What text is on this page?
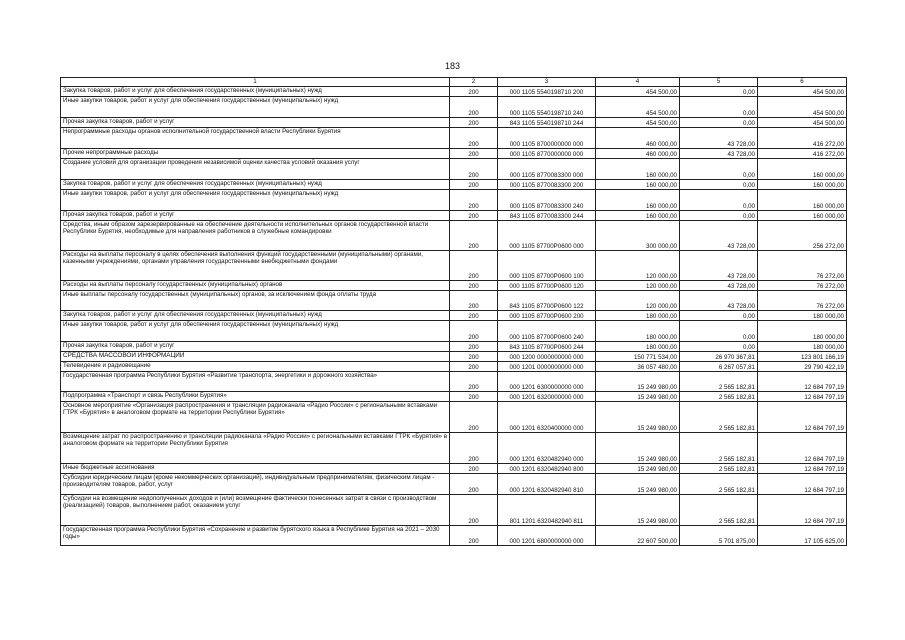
183
1	2	3	4	5	6
Закупка товаров, работ и услуг для обеспечения государственных (муниципальных) нужд	200	000 1105 5540198710 200	454 500,00	0,00	454 500,00
Иные закупки товаров, работ и услуг для обеспечения государственных (муниципальных) нужд	200	000 1105 5540198710 240	454 500,00	0,00	454 500,00
Прочая закупка товаров, работ и услуг	200	843 1105 5540198710 244	454 500,00	0,00	454 500,00
Непрограммные расходы органов исполнительной государственной власти Республики Бурятия	200	000 1105 8700000000 000	460 000,00	43 728,00	416 272,00
Прочие непрограммные расходы	200	000 1105 8770000000 000	460 000,00	43 728,00	416 272,00
Создание условий для организации проведения независимой оценки качества условий оказания услуг	200	000 1105 8770083300 000	160 000,00	0,00	160 000,00
Закупка товаров, работ и услуг для обеспечения государственных (муниципальных) нужд	200	000 1105 8770083300 200	160 000,00	0,00	160 000,00
Иные закупки товаров, работ и услуг для обеспечения государственных (муниципальных) нужд	200	000 1105 8770083300 240	160 000,00	0,00	160 000,00
Прочая закупка товаров, работ и услуг	200	843 1105 8770083300 244	160 000,00	0,00	160 000,00
Средства, иным образом зарезервированные на обеспечение деятельности исполнительных органов государственной власти Республики Бурятия, необходимые для направления работников в служебные командировки	200	000 1105 87700P0600 000	300 000,00	43 728,00	256 272,00
Расходы на выплаты персоналу в целях обеспечения выполнения функций государственными (муниципальными) органами, казенными учреждениями, органами управления государственными внебюджетными фондами	200	000 1105 87700P0600 100	120 000,00	43 728,00	76 272,00
Расходы на выплаты персоналу государственных (муниципальных) органов	200	000 1105 87700P0600 120	120 000,00	43 728,00	76 272,00
Иные выплаты персоналу государственных (муниципальных) органов, за исключением фонда оплаты труда	200	843 1105 87700P0600 122	120 000,00	43 728,00	76 272,00
Закупка товаров, работ и услуг для обеспечения государственных (муниципальных) нужд	200	000 1105 87700P0600 200	180 000,00	0,00	180 000,00
Иные закупки товаров, работ и услуг для обеспечения государственных (муниципальных) нужд	200	000 1105 87700P0600 240	180 000,00	0,00	180 000,00
Прочая закупка товаров, работ и услуг	200	843 1105 87700P0600 244	180 000,00	0,00	180 000,00
СРЕДСТВА МАССОВОЙ ИНФОРМАЦИИ	200	000 1200 0000000000 000	150 771 534,00	26 970 367,81	123 801 166,19
Телевидение и радиовещание	200	000 1201 0000000000 000	36 057 480,00	6 267 057,81	29 790 422,19
Государственная программа Республики Бурятия «Развитие транспорта, энергетики и дорожного хозяйства»	200	000 1201 6300000000 000	15 249 980,00	2 565 182,81	12 684 797,19
Подпрограмма «Транспорт и связь Республики Бурятия»	200	000 1201 6320000000 000	15 249 980,00	2 565 182,81	12 684 797,19
Основное мероприятие «Организация распространения и трансляции радиоканала «Радио России» с региональными вставками ГТРК «Бурятия» в аналоговом формате на территории Республики Бурятия»	200	000 1201 6320400000 000	15 249 980,00	2 565 182,81	12 684 797,19
Возмещение затрат по распространению и трансляции радиоканала «Радио России» с региональными вставками ГТРК «Бурятия» в аналоговом формате на территории Республики Бурятия	200	000 1201 6320482940 000	15 249 980,00	2 565 182,81	12 684 797,19
Иные бюджетные ассигнования	200	000 1201 6320482940 800	15 249 980,00	2 565 182,81	12 684 797,19
Субсидии юридическим лицам (кроме некоммерческих организаций), индивидуальным предпринимателям, физическим лицам - производителям товаров, работ, услуг	200	000 1201 6320482940 810	15 249 980,00	2 565 182,81	12 684 797,19
Субсидии на возмещение недополученных доходов и (или) возмещение фактически понесенных затрат в связи с производством (реализацией) товаров, выполнением работ, оказанием услуг	200	801 1201 6320482940 811	15 249 980,00	2 565 182,81	12 684 797,19
Государственная программа Республики Бурятия «Сохранение и развитие бурятского языка в Республике Бурятия на 2021 – 2030 годы»	200	000 1201 6800000000 000	22 607 500,00	5 701 875,00	17 105 625,00
